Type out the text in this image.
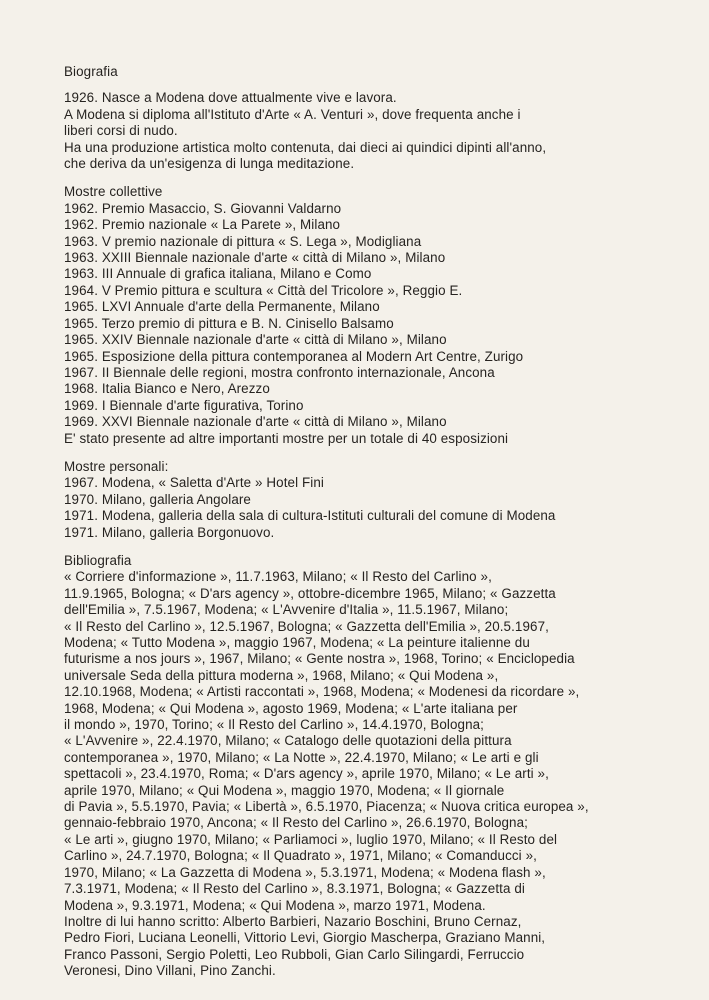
Biografia
1926. Nasce a Modena dove attualmente vive e lavora.
A Modena si diploma all'Istituto d'Arte « A. Venturi », dove frequenta anche i
liberi corsi di nudo.
Ha una produzione artistica molto contenuta, dai dieci ai quindici dipinti all'anno,
che deriva da un'esigenza di lunga meditazione.
Mostre collettive
1962. Premio Masaccio, S. Giovanni Valdarno
1962. Premio nazionale « La Parete », Milano
1963. V premio nazionale di pittura « S. Lega », Modigliana
1963. XXIII Biennale nazionale d'arte « città di Milano », Milano
1963. III Annuale di grafica italiana, Milano e Como
1964. V Premio pittura e scultura « Città del Tricolore », Reggio E.
1965. LXVI Annuale d'arte della Permanente, Milano
1965. Terzo premio di pittura e B. N. Cinisello Balsamo
1965. XXIV Biennale nazionale d'arte « città di Milano », Milano
1965. Esposizione della pittura contemporanea al Modern Art Centre, Zurigo
1967. II Biennale delle regioni, mostra confronto internazionale, Ancona
1968. Italia Bianco e Nero, Arezzo
1969. I Biennale d'arte figurativa, Torino
1969. XXVI Biennale nazionale d'arte « città di Milano », Milano
E' stato presente ad altre importanti mostre per un totale di 40 esposizioni
Mostre personali:
1967. Modena, « Saletta d'Arte » Hotel Fini
1970. Milano, galleria Angolare
1971. Modena, galleria della sala di cultura-Istituti culturali del comune di Modena
1971. Milano, galleria Borgonuovo.
Bibliografia
« Corriere d'informazione », 11.7.1963, Milano; « Il Resto del Carlino »,
11.9.1965, Bologna; « D'ars agency », ottobre-dicembre 1965, Milano; « Gazzetta
dell'Emilia », 7.5.1967, Modena; « L'Avvenire d'Italia », 11.5.1967, Milano;
« Il Resto del Carlino », 12.5.1967, Bologna; « Gazzetta dell'Emilia », 20.5.1967,
Modena; « Tutto Modena », maggio 1967, Modena; « La peinture italienne du
futurisme a nos jours », 1967, Milano; « Gente nostra », 1968, Torino; « Enciclopedia
universale Seda della pittura moderna », 1968, Milano; « Qui Modena »,
12.10.1968, Modena; « Artisti raccontati », 1968, Modena; « Modenesi da ricordare »,
1968, Modena; « Qui Modena », agosto 1969, Modena; « L'arte italiana per
il mondo », 1970, Torino; « Il Resto del Carlino », 14.4.1970, Bologna;
« L'Avvenire », 22.4.1970, Milano; « Catalogo delle quotazioni della pittura
contemporanea », 1970, Milano; « La Notte », 22.4.1970, Milano; « Le arti e gli
spettacoli », 23.4.1970, Roma; « D'ars agency », aprile 1970, Milano; « Le arti »,
aprile 1970, Milano; « Qui Modena », maggio 1970, Modena; « Il giornale
di Pavia », 5.5.1970, Pavia; « Libertà », 6.5.1970, Piacenza; « Nuova critica europea »,
gennaio-febbraio 1970, Ancona; « Il Resto del Carlino », 26.6.1970, Bologna;
« Le arti », giugno 1970, Milano; « Parliamoci », luglio 1970, Milano; « Il Resto del
Carlino », 24.7.1970, Bologna; « Il Quadrato », 1971, Milano; « Comanducci »,
1970, Milano; « La Gazzetta di Modena », 5.3.1971, Modena; « Modena flash »,
7.3.1971, Modena; « Il Resto del Carlino », 8.3.1971, Bologna; « Gazzetta di
Modena », 9.3.1971, Modena; « Qui Modena », marzo 1971, Modena.
Inoltre di lui hanno scritto: Alberto Barbieri, Nazario Boschini, Bruno Cernaz,
Pedro Fiori, Luciana Leonelli, Vittorio Levi, Giorgio Mascherpa, Graziano Manni,
Franco Passoni, Sergio Poletti, Leo Rubboli, Gian Carlo Silingardi, Ferruccio
Veronesi, Dino Villani, Pino Zanchi.
